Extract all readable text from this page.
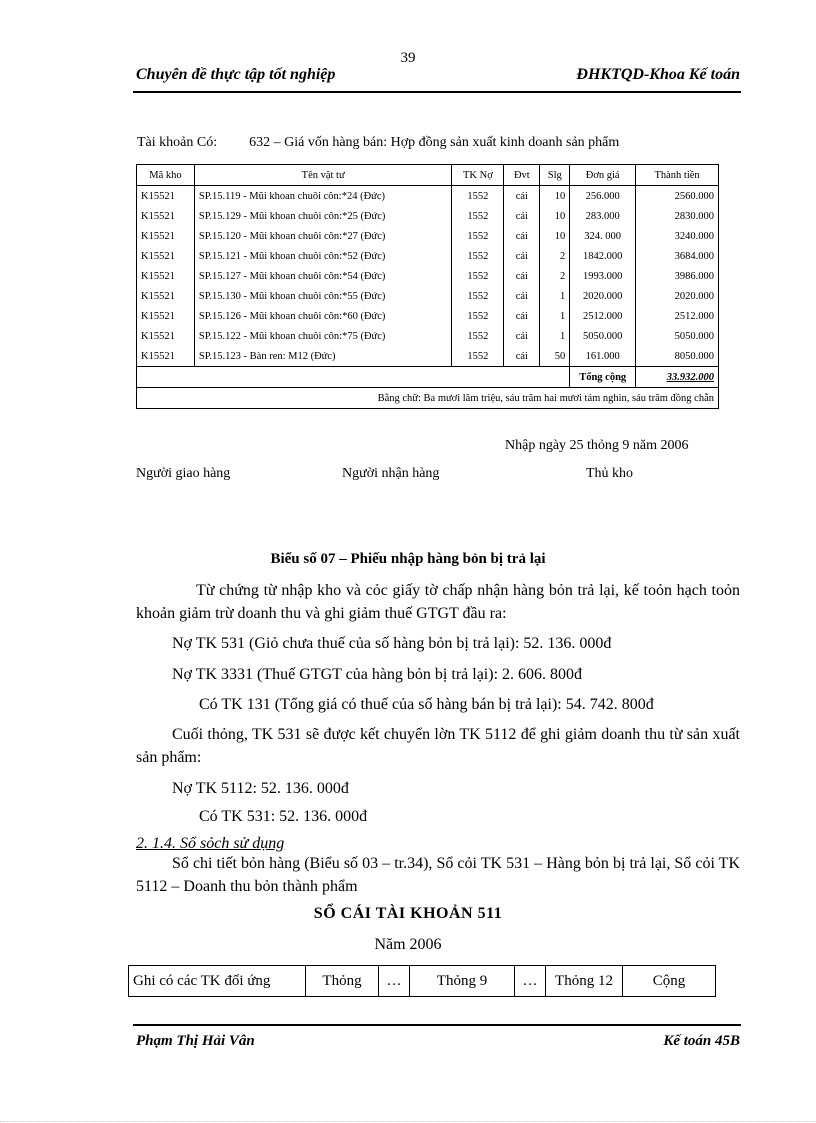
39
Chuyên đề thực tập tốt nghiệp	ĐHKTQD-Khoa Kế toán
Tài khoản Có: 632 – Giá vốn hàng bán: Hợp đồng sản xuất kinh doanh sản phẩm
Mã kho	Tên vật tư	TK Nợ	Đvt	Slg	Đơn giá	Thành tiền
K15521	SP.15.119 - Mũi khoan chuôi côn:*24 (Đức)	1552	cái	10	256.000	2560.000
K15521	SP.15.129 - Mũi khoan chuôi côn:*25 (Đức)	1552	cái	10	283.000	2830.000
K15521	SP.15.120 - Mũi khoan chuôi côn:*27 (Đức)	1552	cái	10	324. 000	3240.000
K15521	SP.15.121 - Mũi khoan chuôi côn:*52 (Đức)	1552	cái	2	1842.000	3684.000
K15521	SP.15.127 - Mũi khoan chuôi côn:*54 (Đức)	1552	cái	2	1993.000	3986.000
K15521	SP.15.130 - Mũi khoan chuôi côn:*55 (Đức)	1552	cái	1	2020.000	2020.000
K15521	SP.15.126 - Mũi khoan chuôi côn:*60 (Đức)	1552	cái	1	2512.000	2512.000
K15521	SP.15.122 - Mũi khoan chuôi côn:*75 (Đức)	1552	cái	1	5050.000	5050.000
K15521	SP.15.123 - Bàn ren: M12 (Đức)	1552	cái	50	161.000	8050.000
					Tổng cộng	33.932.000
Bằng chữ: Ba mươi lăm triệu, sáu trăm hai mươi tám nghìn, sáu trăm đồng chẵn						
Nhập ngày 25 thỏng 9 năm 2006
Người giao hàng	Người nhận hàng	Thủ kho
Biểu số 07 – Phiếu nhập hàng bỏn bị trả lại
Từ chứng từ nhập kho và cỏc giấy tờ chấp nhận hàng bỏn trả lại, kế toỏn hạch toỏn khoản giảm trừ doanh thu và ghi giảm thuế GTGT đầu ra:
Nợ TK 531 (Giỏ chưa thuế của số hàng bỏn bị trả lại): 52. 136. 000đ
Nợ TK 3331 (Thuế GTGT của hàng bỏn bị trả lại): 2. 606. 800đ
Có TK 131 (Tổng giá có thuế của số hàng bán bị trả lại): 54. 742. 800đ
Cuối thỏng, TK 531 sẽ được kết chuyển lờn TK 5112 để ghi giảm doanh thu từ sản xuất sản phẩm:
Nợ TK 5112: 52. 136. 000đ
Có TK 531: 52. 136. 000đ
2. 1.4. Sổ sỏch sử dụng
Sổ chi tiết bỏn hàng (Biểu số 03 – tr.34), Sổ cỏi TK 531 – Hàng bỏn bị trả lại, Sổ cỏi TK 5112 – Doanh thu bỏn thành phẩm
SỔ CÁI TÀI KHOẢN 511
Năm 2006
Ghi có các TK đối ứng	Thỏng	…	Thỏng 9	…	Thỏng 12	Cộng
Phạm Thị Hải Vân	Kế toán 45B
